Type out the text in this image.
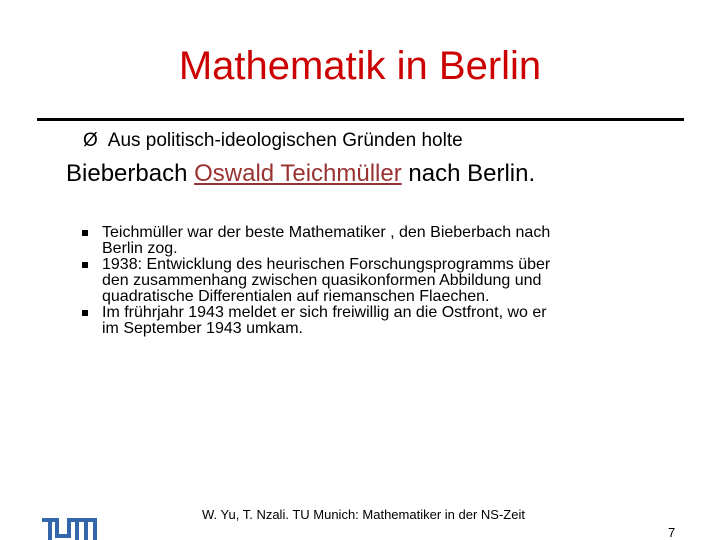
Mathematik in Berlin
Ø Aus politisch-ideologischen Gründen holte
Bieberbach Oswald Teichmüller nach Berlin.
Teichmüller war der beste Mathematiker , den Bieberbach nach
Berlin zog.
1938: Entwicklung des heurischen Forschungsprogramms über
den zusammenhang zwischen quasikonformen Abbildung und
quadratische Differentialen auf riemanschen Flaechen.
Im frührjahr 1943 meldet er sich freiwillig an die Ostfront, wo er
im September 1943 umkam.
W. Yu, T. Nzali. TU Munich: Mathematiker in der NS-Zeit
7
